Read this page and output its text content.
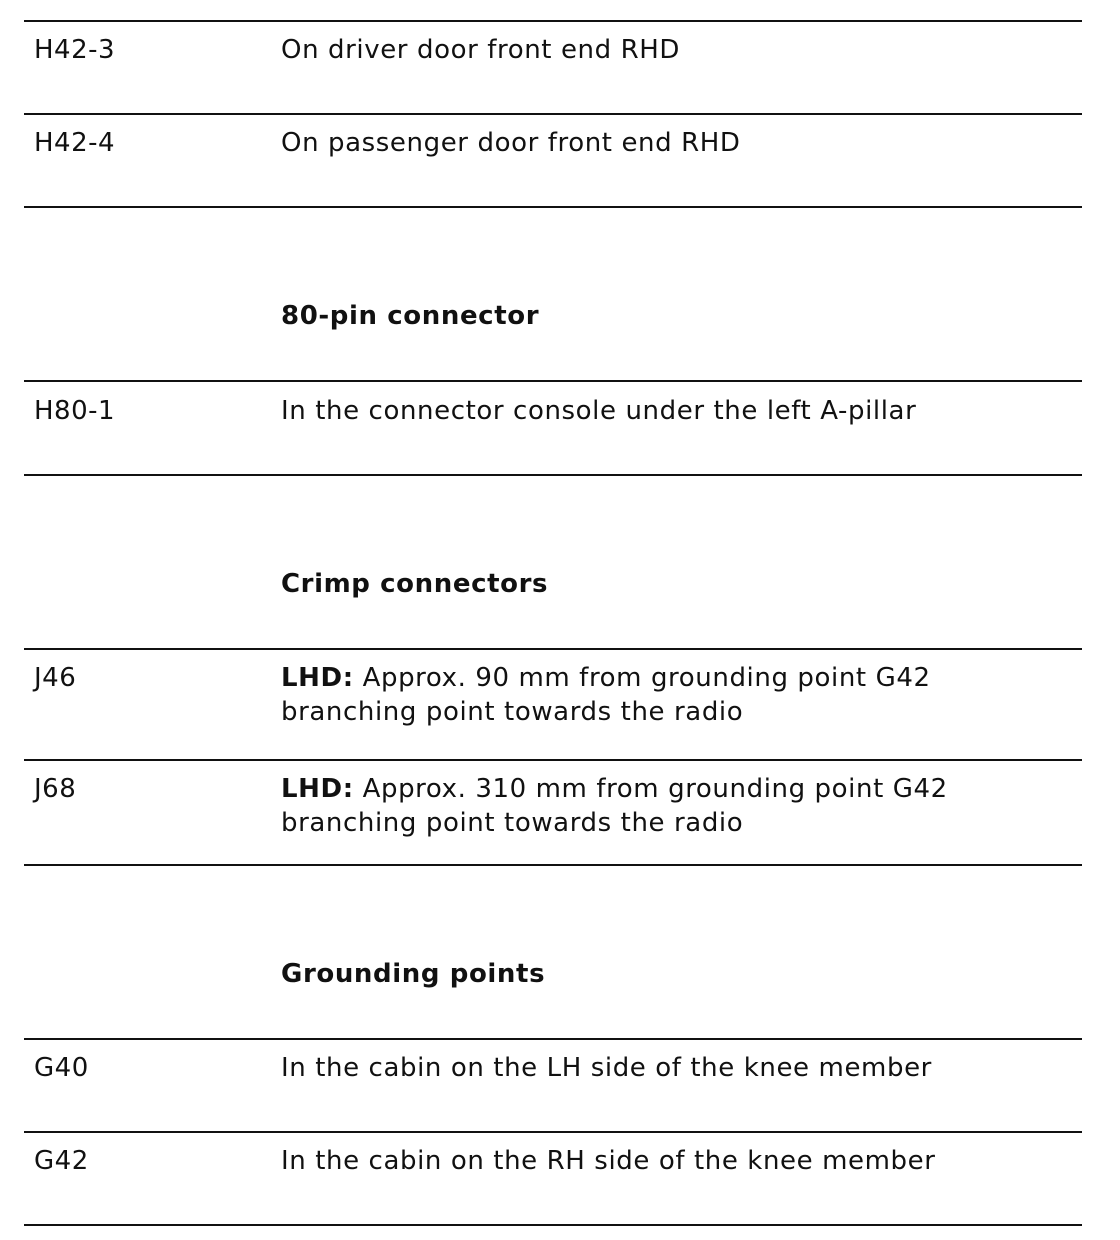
H42-3	On driver door front end RHD
H42-4	On passenger door front end RHD
80-pin connector
H80-1	In the connector console under the left A-pillar
Crimp connectors
J46	LHD: Approx. 90 mm from grounding point G42
branching point towards the radio
J68	LHD: Approx. 310 mm from grounding point G42
branching point towards the radio
Grounding points
G40	In the cabin on the LH side of the knee member
G42	In the cabin on the RH side of the knee member
